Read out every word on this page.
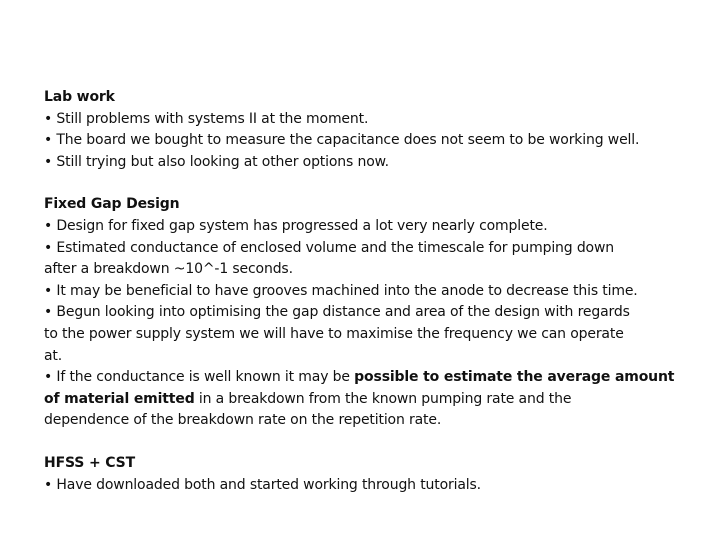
Lab work
• Still problems with systems II at the moment.
• The board we bought to measure the capacitance does not seem to be working well.
• Still trying but also looking at other options now.
Fixed Gap Design
• Design for fixed gap system has progressed a lot very nearly complete.
• Estimated conductance of enclosed volume and the timescale for pumping down
after a breakdown ~10^-1 seconds.
• It may be beneficial to have grooves machined into the anode to decrease this time.
• Begun looking into optimising the gap distance and area of the design with regards
to the power supply system we will have to maximise the frequency we can operate
at.
• If the conductance is well known it may be possible to estimate the average amount
of material emitted in a breakdown from the known pumping rate and the
dependence of the breakdown rate on the repetition rate.
HFSS + CST
• Have downloaded both and started working through tutorials.
